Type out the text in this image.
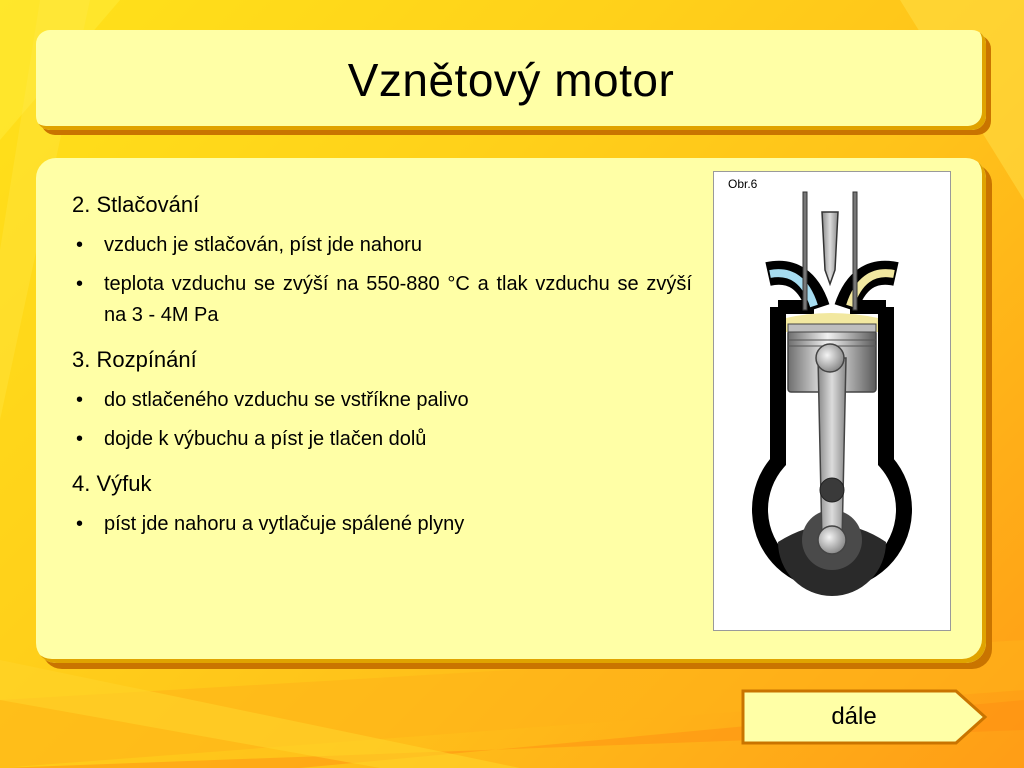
Vznětový motor
2. Stlačování
• vzduch je stlačován, píst jde nahoru
• teplota vzduchu se zvýší na 550-880 °C a tlak vzduchu se zvýší na 3 - 4M Pa
3. Rozpínání
• do stlačeného vzduchu se vstříkne palivo
• dojde k výbuchu a píst je tlačen dolů
4. Výfuk
• píst jde nahoru a vytlačuje spálené plyny
Obr.6
dále
